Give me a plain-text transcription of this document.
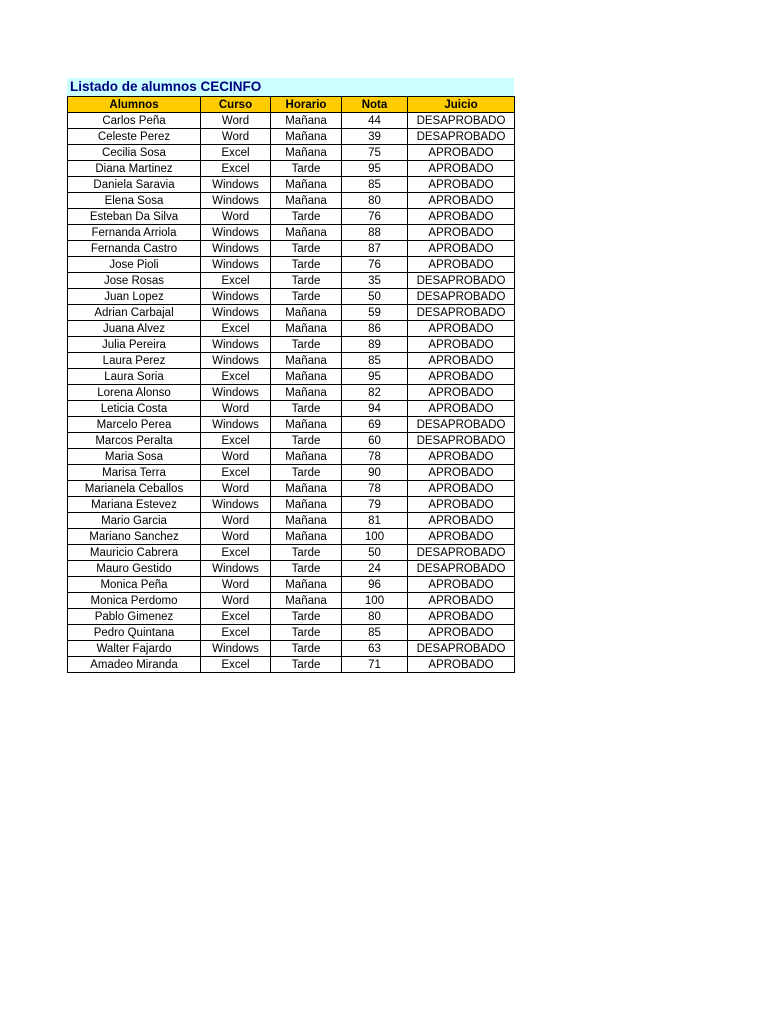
Listado de alumnos CECINFO
Alumnos	Curso	Horario	Nota	Juicio
Carlos Peña	Word	Mañana	44	DESAPROBADO
Celeste Perez	Word	Mañana	39	DESAPROBADO
Cecilia Sosa	Excel	Mañana	75	APROBADO
Diana Martinez	Excel	Tarde	95	APROBADO
Daniela Saravia	Windows	Mañana	85	APROBADO
Elena Sosa	Windows	Mañana	80	APROBADO
Esteban Da Silva	Word	Tarde	76	APROBADO
Fernanda Arriola	Windows	Mañana	88	APROBADO
Fernanda Castro	Windows	Tarde	87	APROBADO
Jose Pioli	Windows	Tarde	76	APROBADO
Jose Rosas	Excel	Tarde	35	DESAPROBADO
Juan Lopez	Windows	Tarde	50	DESAPROBADO
Adrian Carbajal	Windows	Mañana	59	DESAPROBADO
Juana Alvez	Excel	Mañana	86	APROBADO
Julia Pereira	Windows	Tarde	89	APROBADO
Laura Perez	Windows	Mañana	85	APROBADO
Laura Soria	Excel	Mañana	95	APROBADO
Lorena Alonso	Windows	Mañana	82	APROBADO
Leticia Costa	Word	Tarde	94	APROBADO
Marcelo Perea	Windows	Mañana	69	DESAPROBADO
Marcos Peralta	Excel	Tarde	60	DESAPROBADO
Maria Sosa	Word	Mañana	78	APROBADO
Marisa Terra	Excel	Tarde	90	APROBADO
Marianela Ceballos	Word	Mañana	78	APROBADO
Mariana Estevez	Windows	Mañana	79	APROBADO
Mario Garcia	Word	Mañana	81	APROBADO
Mariano Sanchez	Word	Mañana	100	APROBADO
Mauricio Cabrera	Excel	Tarde	50	DESAPROBADO
Mauro Gestido	Windows	Tarde	24	DESAPROBADO
Monica Peña	Word	Mañana	96	APROBADO
Monica Perdomo	Word	Mañana	100	APROBADO
Pablo Gimenez	Excel	Tarde	80	APROBADO
Pedro Quintana	Excel	Tarde	85	APROBADO
Walter Fajardo	Windows	Tarde	63	DESAPROBADO
Amadeo Miranda	Excel	Tarde	71	APROBADO
